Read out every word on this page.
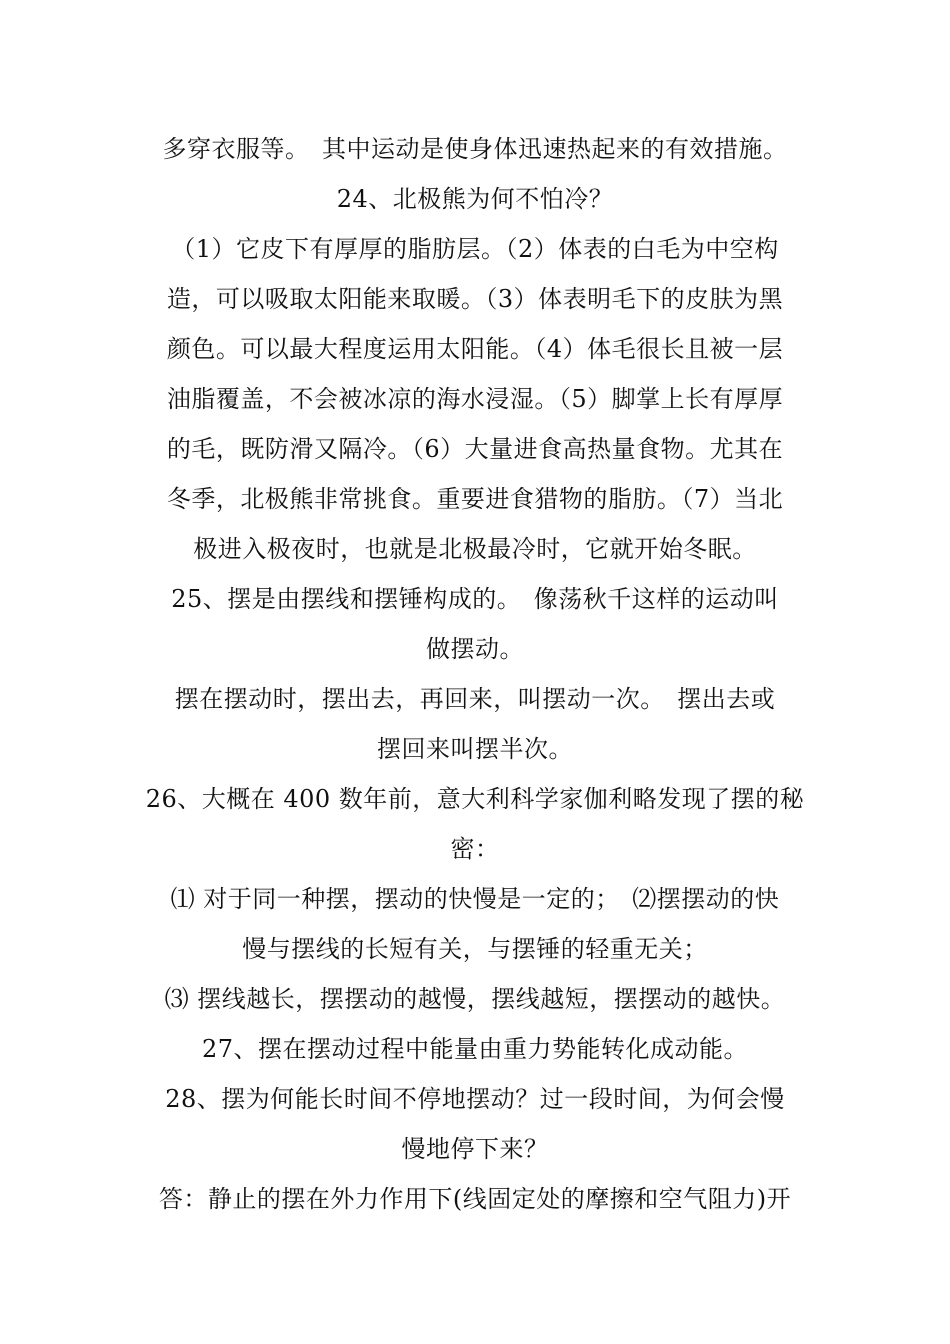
多穿衣服等。　其中运动是使身体迅速热起来的有效措施。
24、北极熊为何不怕冷？
（1）它皮下有厚厚的脂肪层。（2）体表的白毛为中空构
造，可以吸取太阳能来取暖。（3）体表明毛下的皮肤为黑
颜色。可以最大程度运用太阳能。（4）体毛很长且被一层
油脂覆盖，不会被冰凉的海水浸湿。（5）脚掌上长有厚厚
的毛，既防滑又隔冷。（6）大量进食高热量食物。尤其在
冬季，北极熊非常挑食。重要进食猎物的脂肪。（7）当北
极进入极夜时，也就是北极最冷时，它就开始冬眠。
25、摆是由摆线和摆锤构成的。　像荡秋千这样的运动叫
做摆动。
摆在摆动时，摆出去，再回来，叫摆动一次。　摆出去或
摆回来叫摆半次。
26、大概在 400 数年前，意大利科学家伽利略发现了摆的秘
密：
⑴ 对于同一种摆，摆动的快慢是一定的；　⑵摆摆动的快
慢与摆线的长短有关，与摆锤的轻重无关；
⑶ 摆线越长，摆摆动的越慢，摆线越短，摆摆动的越快。
27、摆在摆动过程中能量由重力势能转化成动能。
28、摆为何能长时间不停地摆动？过一段时间，为何会慢
慢地停下来？
答：静止的摆在外力作用下(线固定处的摩擦和空气阻力)开
